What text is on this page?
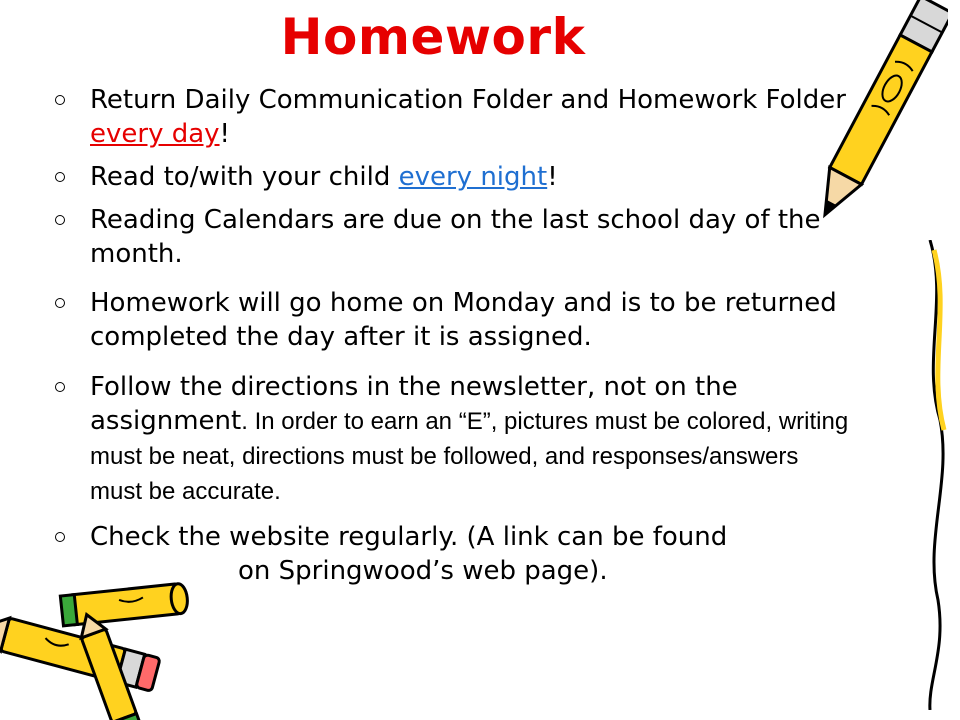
Homework
Return Daily Communication Folder and Homework Folder every day!
Read to/with your child every night!
Reading Calendars are due on the last school day of the month.
Homework will go home on Monday and is to be returned completed the day after it is assigned.
Follow the directions in the newsletter, not on the assignment. In order to earn an “E”, pictures must be colored, writing must be neat, directions must be followed, and responses/answers must be accurate.
Check the website regularly. (A link can be found
on Springwood’s web page).
